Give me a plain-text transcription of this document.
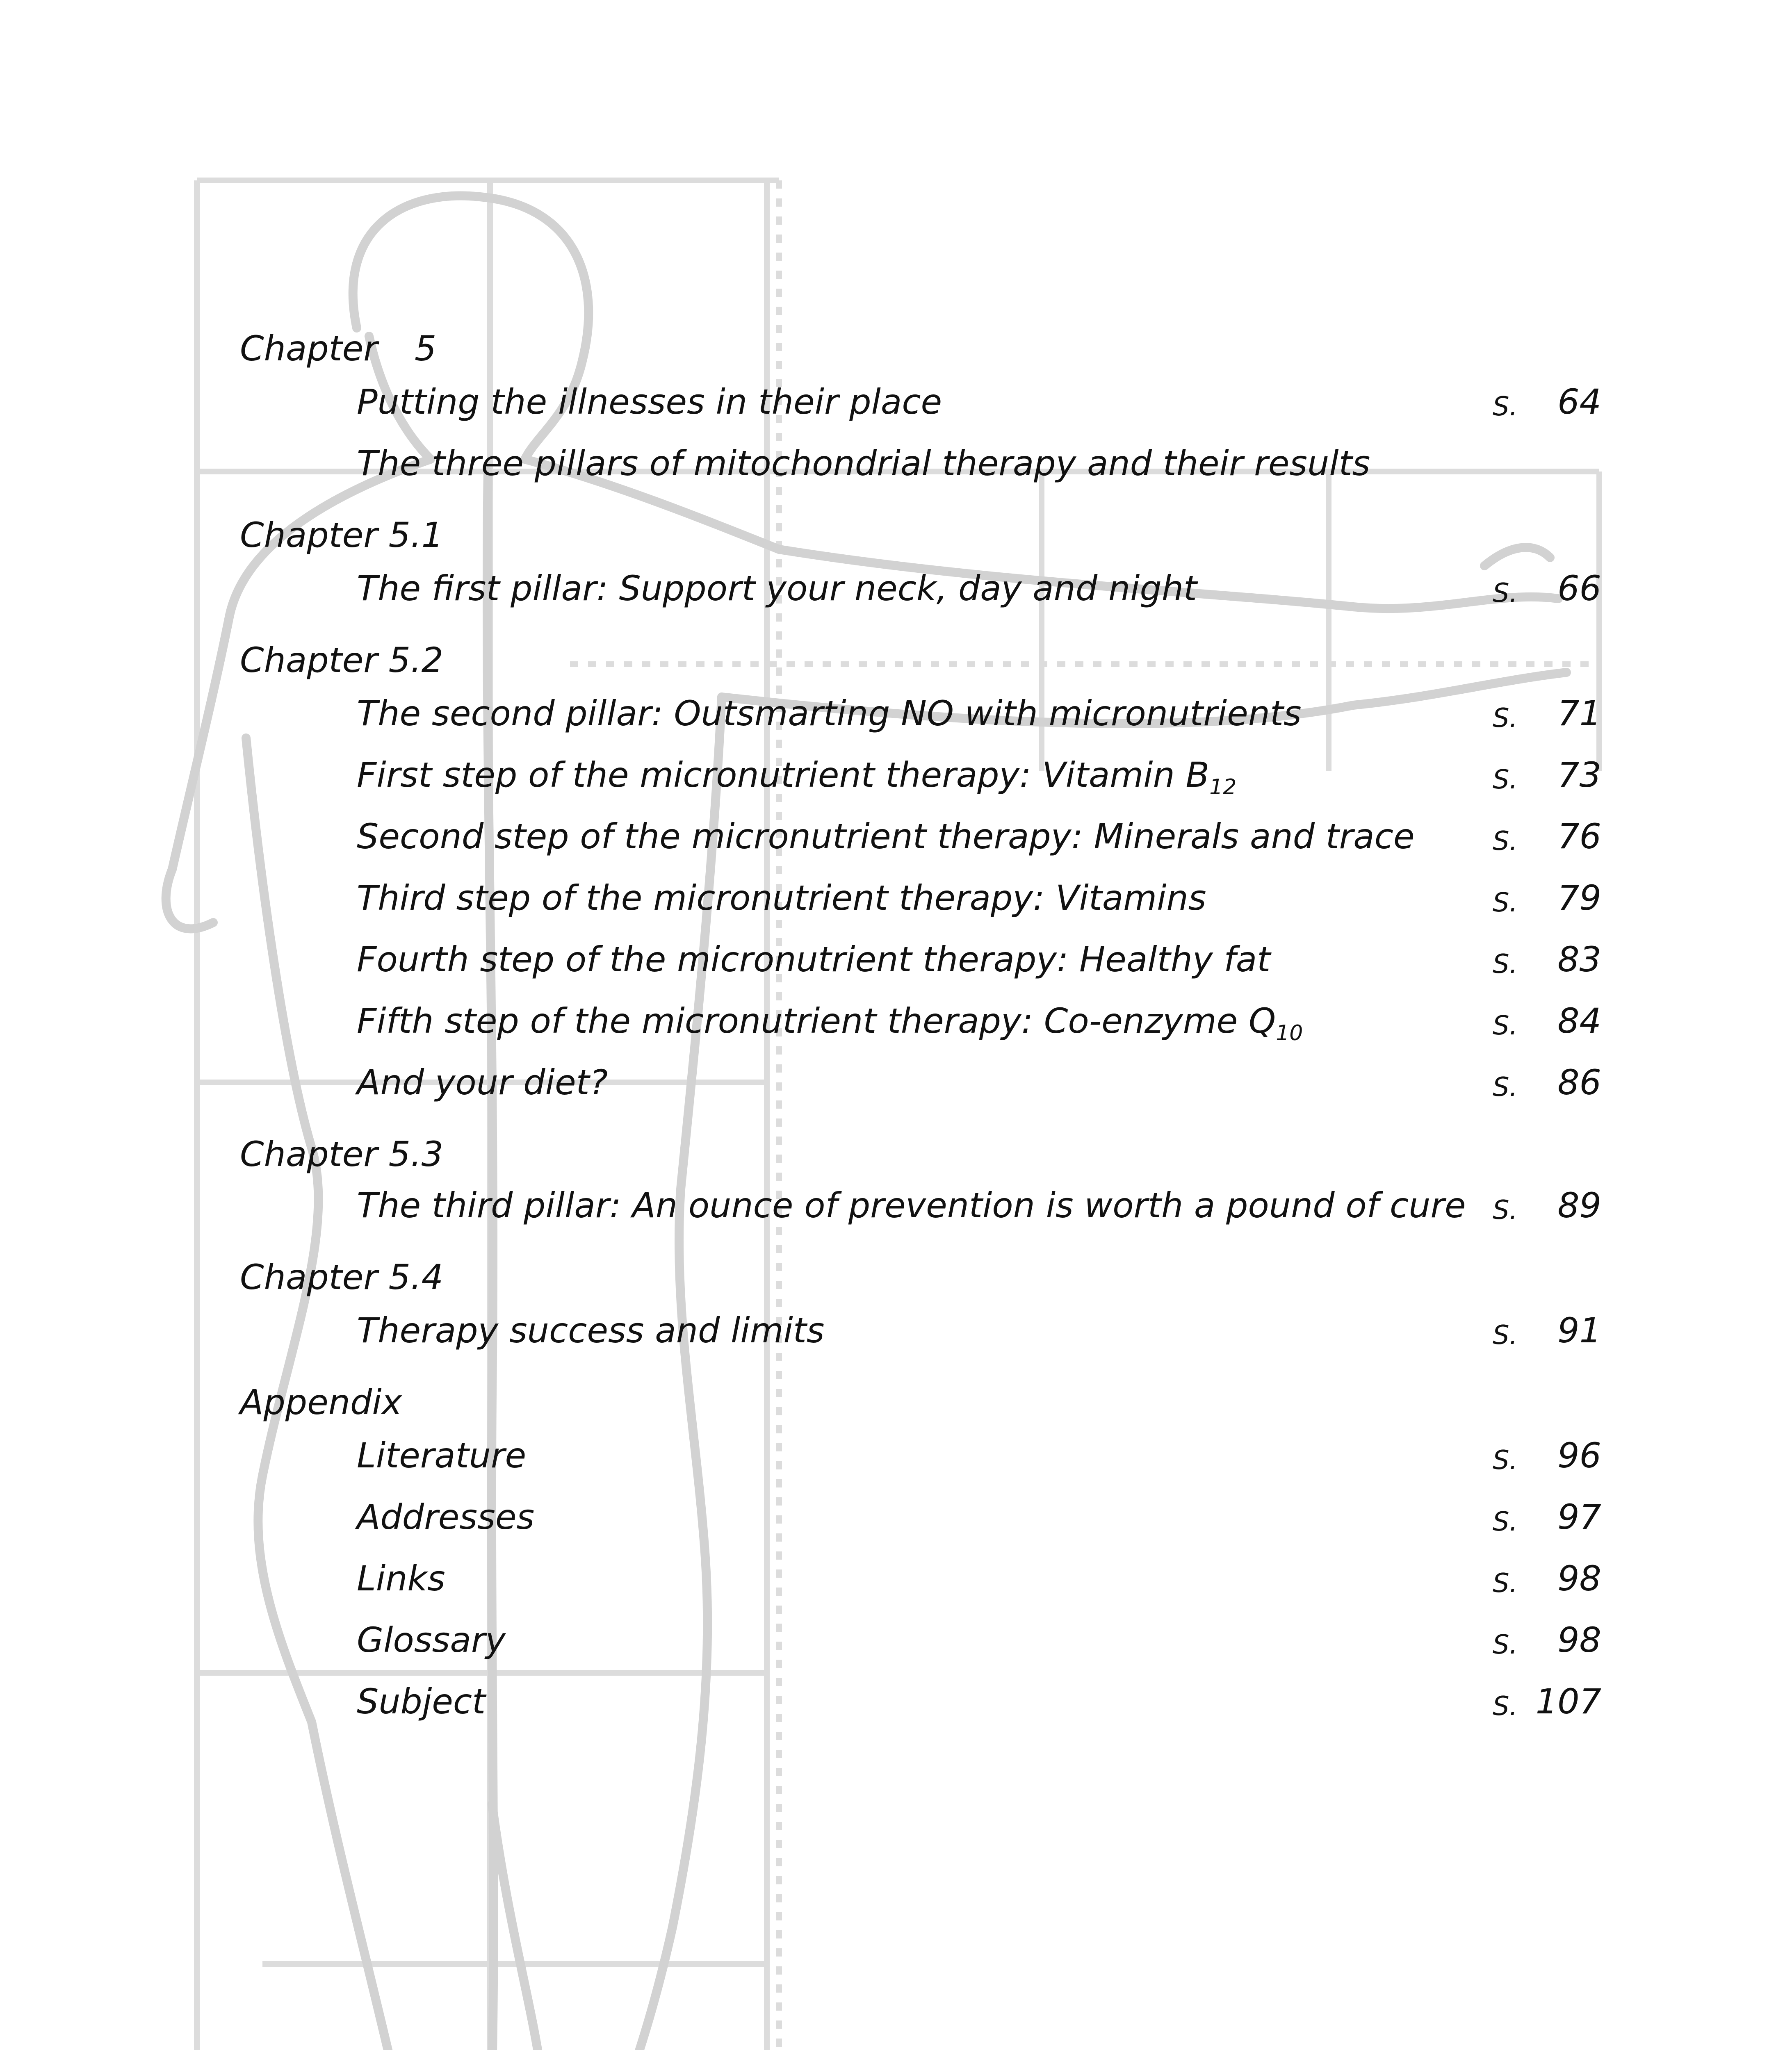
Chapter 5
Putting the illnesses in their place	S. 64
The three pillars of mitochondrial therapy and their results
Chapter 5.1
The first pillar: Support your neck, day and night	S. 66
Chapter 5.2
The second pillar: Outsmarting NO with micronutrients	S. 71
First step of the micronutrient therapy: Vitamin $B_{12}$	S. 73
Second step of the micronutrient therapy: Minerals and trace	S. 76
Third step of the micronutrient therapy: Vitamins	S. 79
Fourth step of the micronutrient therapy: Healthy fat	S. 83
Fifth step of the micronutrient therapy: Co-enzyme $Q_{10}$	S. 84
And your diet?	S. 86
Chapter 5.3
The third pillar: An ounce of prevention is worth a pound of cure S. 89
Chapter 5.4
Therapy success and limits	S. 91
Appendix
Literature	S. 96
Addresses	S. 97
Links	S. 98
Glossary	S. 98
Subject	S. 107
